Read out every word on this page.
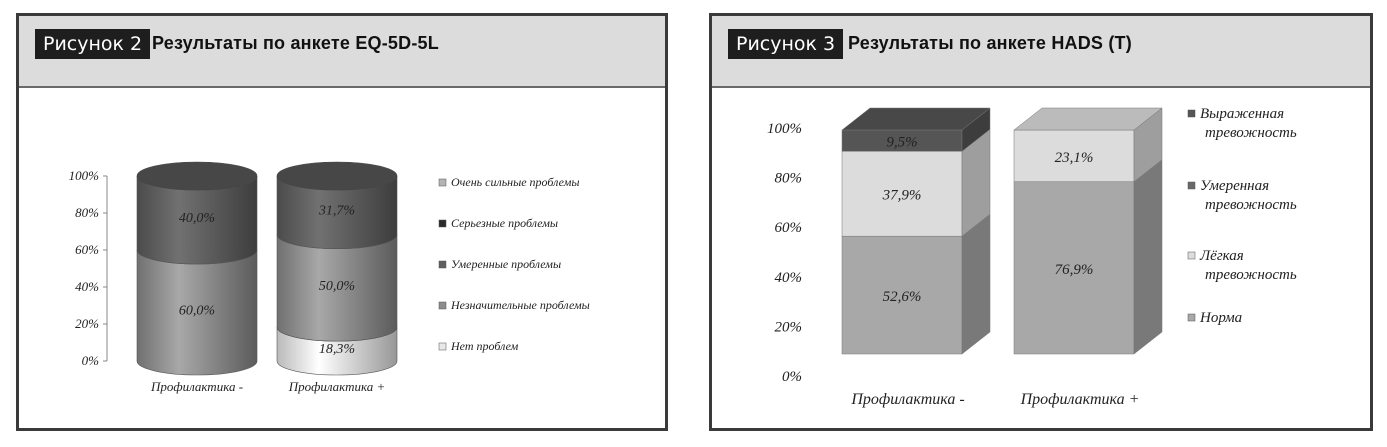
Рисунок 2 Результаты по анкете EQ-5D-5L
0%
20%
40%
60%
80%
100%
60,0%
40,0%
Профилактика -
18,3%
50,0%
31,7%
Профилактика +
Очень сильные проблемы
Серьезные проблемы
Умеренные проблемы
Незначительные проблемы
Нет проблем
Рисунок 3 Результаты по анкете HADS (T)
0%
20%
40%
60%
80%
100%
52,6%
37,9%
9,5%
Профилактика -
76,9%
23,1%
Профилактика +
Выраженная тревожность
Умеренная тревожность
Лёгкая тревожность
Норма
